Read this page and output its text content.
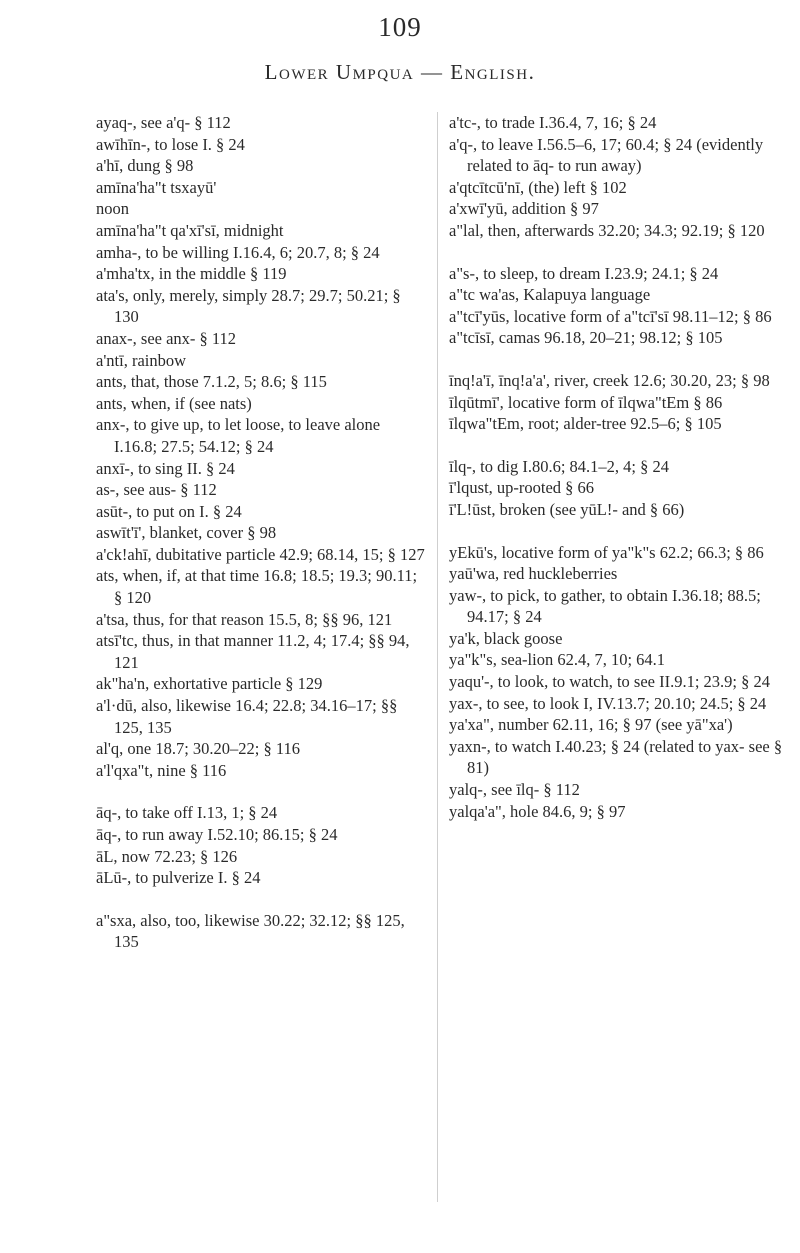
109
Lower Umpqua — English.

ayaq-, see a'q- § 112

awīhīn-, to lose I. § 24

a'hī, dung § 98

amīna'ha"t tsxayū'

noon

amīna'ha"t qa'xī'sī, midnight

amha-, to be willing I.16.4, 6; 20.7, 8; § 24

a'mha'tx, in the middle § 119

ata's, only, merely, simply 28.7; 29.7; 50.21; § 130

anax-, see anx- § 112

a'ntī, rainbow

ants, that, those 7.1.2, 5; 8.6; § 115

ants, when, if (see nats)

anx-, to give up, to let loose, to leave alone I.16.8; 27.5; 54.12; § 24

anxī-, to sing II. § 24

as-, see aus- § 112

asūt-, to put on I. § 24

aswīt'ī', blanket, cover § 98

a'ck!ahī, dubitative particle 42.9; 68.14, 15; § 127

ats, when, if, at that time 16.8; 18.5; 19.3; 90.11; § 120

a'tsa, thus, for that reason 15.5, 8; §§ 96, 121

atsī'tc, thus, in that manner 11.2, 4; 17.4; §§ 94, 121

ak"ha'n, exhortative particle § 129

a'l·dū, also, likewise 16.4; 22.8; 34.16–17; §§ 125, 135

al'q, one 18.7; 30.20–22; § 116

a'l'qxa"t, nine § 116

āq-, to take off I.13, 1; § 24

āq-, to run away I.52.10; 86.15; § 24

āL, now 72.23; § 126

āLū-, to pulverize I. § 24

a"sxa, also, too, likewise 30.22; 32.12; §§ 125, 135

a'tc-, to trade I.36.4, 7, 16; § 24

a'q-, to leave I.56.5–6, 17; 60.4; § 24 (evidently related to āq- to run away)

a'qtcītcū'nī, (the) left § 102

a'xwī'yū, addition § 97

a"lal, then, afterwards 32.20; 34.3; 92.19; § 120

a"s-, to sleep, to dream I.23.9; 24.1; § 24

a"tc wa'as, Kalapuya language

a"tcī'yūs, locative form of a"tcī'sī 98.11–12; § 86

a"tcīsī, camas 96.18, 20–21; 98.12; § 105

īnq!a'ī, īnq!a'a', river, creek 12.6; 30.20, 23; § 98

īlqūtmī', locative form of īlqwa"tEm § 86

īlqwa"tEm, root; alder-tree 92.5–6; § 105

īlq-, to dig I.80.6; 84.1–2, 4; § 24

ī'lqust, up-rooted § 66

ī'L!ūst, broken (see yūL!- and § 66)

yEkū's, locative form of ya"k"s 62.2; 66.3; § 86

yaū'wa, red huckleberries

yaw-, to pick, to gather, to obtain I.36.18; 88.5; 94.17; § 24

ya'k, black goose

ya"k"s, sea-lion 62.4, 7, 10; 64.1

yaqu'-, to look, to watch, to see II.9.1; 23.9; § 24

yax-, to see, to look I, IV.13.7; 20.10; 24.5; § 24

ya'xa", number 62.11, 16; § 97 (see yā"xa')

yaxn-, to watch I.40.23; § 24 (related to yax- see § 81)

yalq-, see īlq- § 112

yalqa'a", hole 84.6, 9; § 97
